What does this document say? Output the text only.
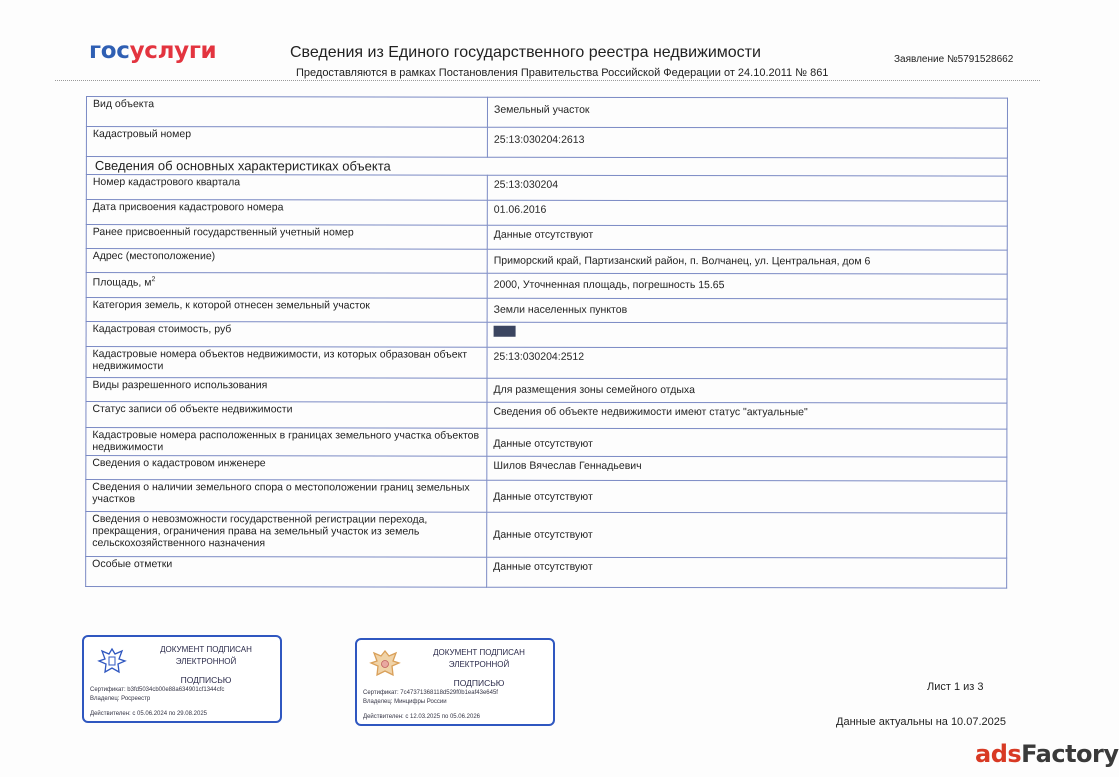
госуслуги	Сведения из Единого государственного реестра недвижимости
Предоставляются в рамках Постановления Правительства Российской Федерации от 24.10.2011 № 861
Заявление №5791528662
Вид объекта	Земельный участок
Кадастровый номер	25:13:030204:2613
Сведения об основных характеристиках объекта
Номер кадастрового квартала	25:13:030204
Дата присвоения кадастрового номера	01.06.2016
Ранее присвоенный государственный учетный номер	Данные отсутствуют
Адрес (местоположение)	Приморский край, Партизанский район, п. Волчанец, ул. Центральная, дом 6
Площадь, $м^2$	2000, Уточненная площадь, погрешность 15.65
Категория земель, к которой отнесен земельный участок	Земли населенных пунктов
Кадастровая стоимость, руб	
Кадастровые номера объектов недвижимости, из которых образован объект недвижимости	25:13:030204:2512
Виды разрешенного использования	Для размещения зоны семейного отдыха
Статус записи об объекте недвижимости	Сведения об объекте недвижимости имеют статус "актуальные"
Кадастровые номера расположенных в границах земельного участка объектов недвижимости	Данные отсутствуют
Сведения о кадастровом инженере	Шилов Вячеслав Геннадьевич
Сведения о наличии земельного спора о местоположении границ земельных участков	Данные отсутствуют
Сведения о невозможности государственной регистрации перехода, прекращения, ограничения права на земельный участок из земель сельскохозяйственного назначения	Данные отсутствуют
Особые отметки	Данные отсутствуют
ДОКУМЕНТ ПОДПИСАН
ЭЛЕКТРОННОЙ
ПОДПИСЬЮ
Сертификат: b3fd5034cb00e88a634901cf1344cfc
Владелец: Росреестр
Действителен: с 05.06.2024 по 29.08.2025
ДОКУМЕНТ ПОДПИСАН
ЭЛЕКТРОННОЙ
ПОДПИСЬЮ
Сертификат: 7c47371368118d529f0b1eaf43e645f
Владелец: Минцифры России
Действителен: с 12.03.2025 по 05.06.2026
Лист 1 из 3
Данные актуальны на 10.07.2025
adsFactory
